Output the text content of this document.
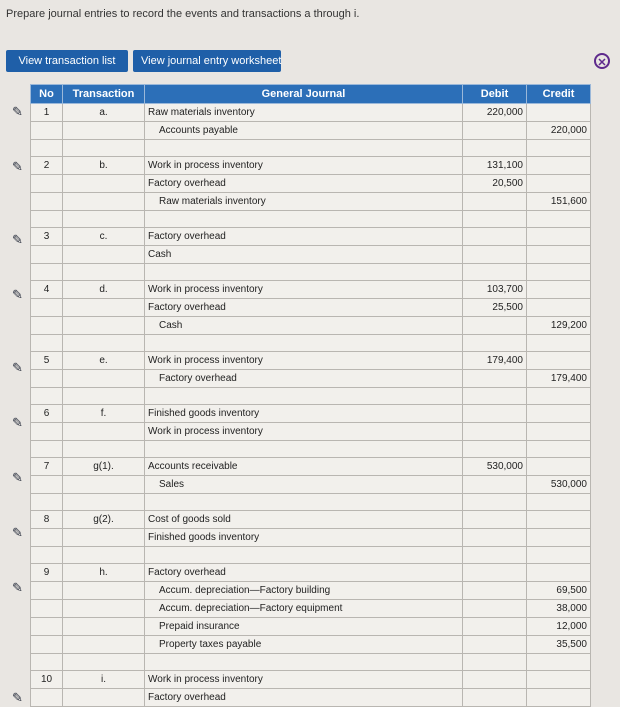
Prepare journal entries to record the events and transactions a through i.
View transaction list	View journal entry worksheet	✕
✎
✎
✎
✎
✎
✎
✎
✎
✎
✎
No	Transaction	General Journal	Debit	Credit
1	a.	Raw materials inventory	220,000	
		Accounts payable		220,000

2	b.	Work in process inventory	131,100	
		Factory overhead	20,500	
		Raw materials inventory		151,600

3	c.	Factory overhead		
		Cash		

4	d.	Work in process inventory	103,700	
		Factory overhead	25,500	
		Cash		129,200

5	e.	Work in process inventory	179,400	
		Factory overhead		179,400

6	f.	Finished goods inventory		
		Work in process inventory		

7	g(1).	Accounts receivable	530,000	
		Sales		530,000

8	g(2).	Cost of goods sold		
		Finished goods inventory		

9	h.	Factory overhead		
		Accum. depreciation—Factory building		69,500
		Accum. depreciation—Factory equipment		38,000
		Prepaid insurance		12,000
		Property taxes payable		35,500

10	i.	Work in process inventory		
		Factory overhead		
